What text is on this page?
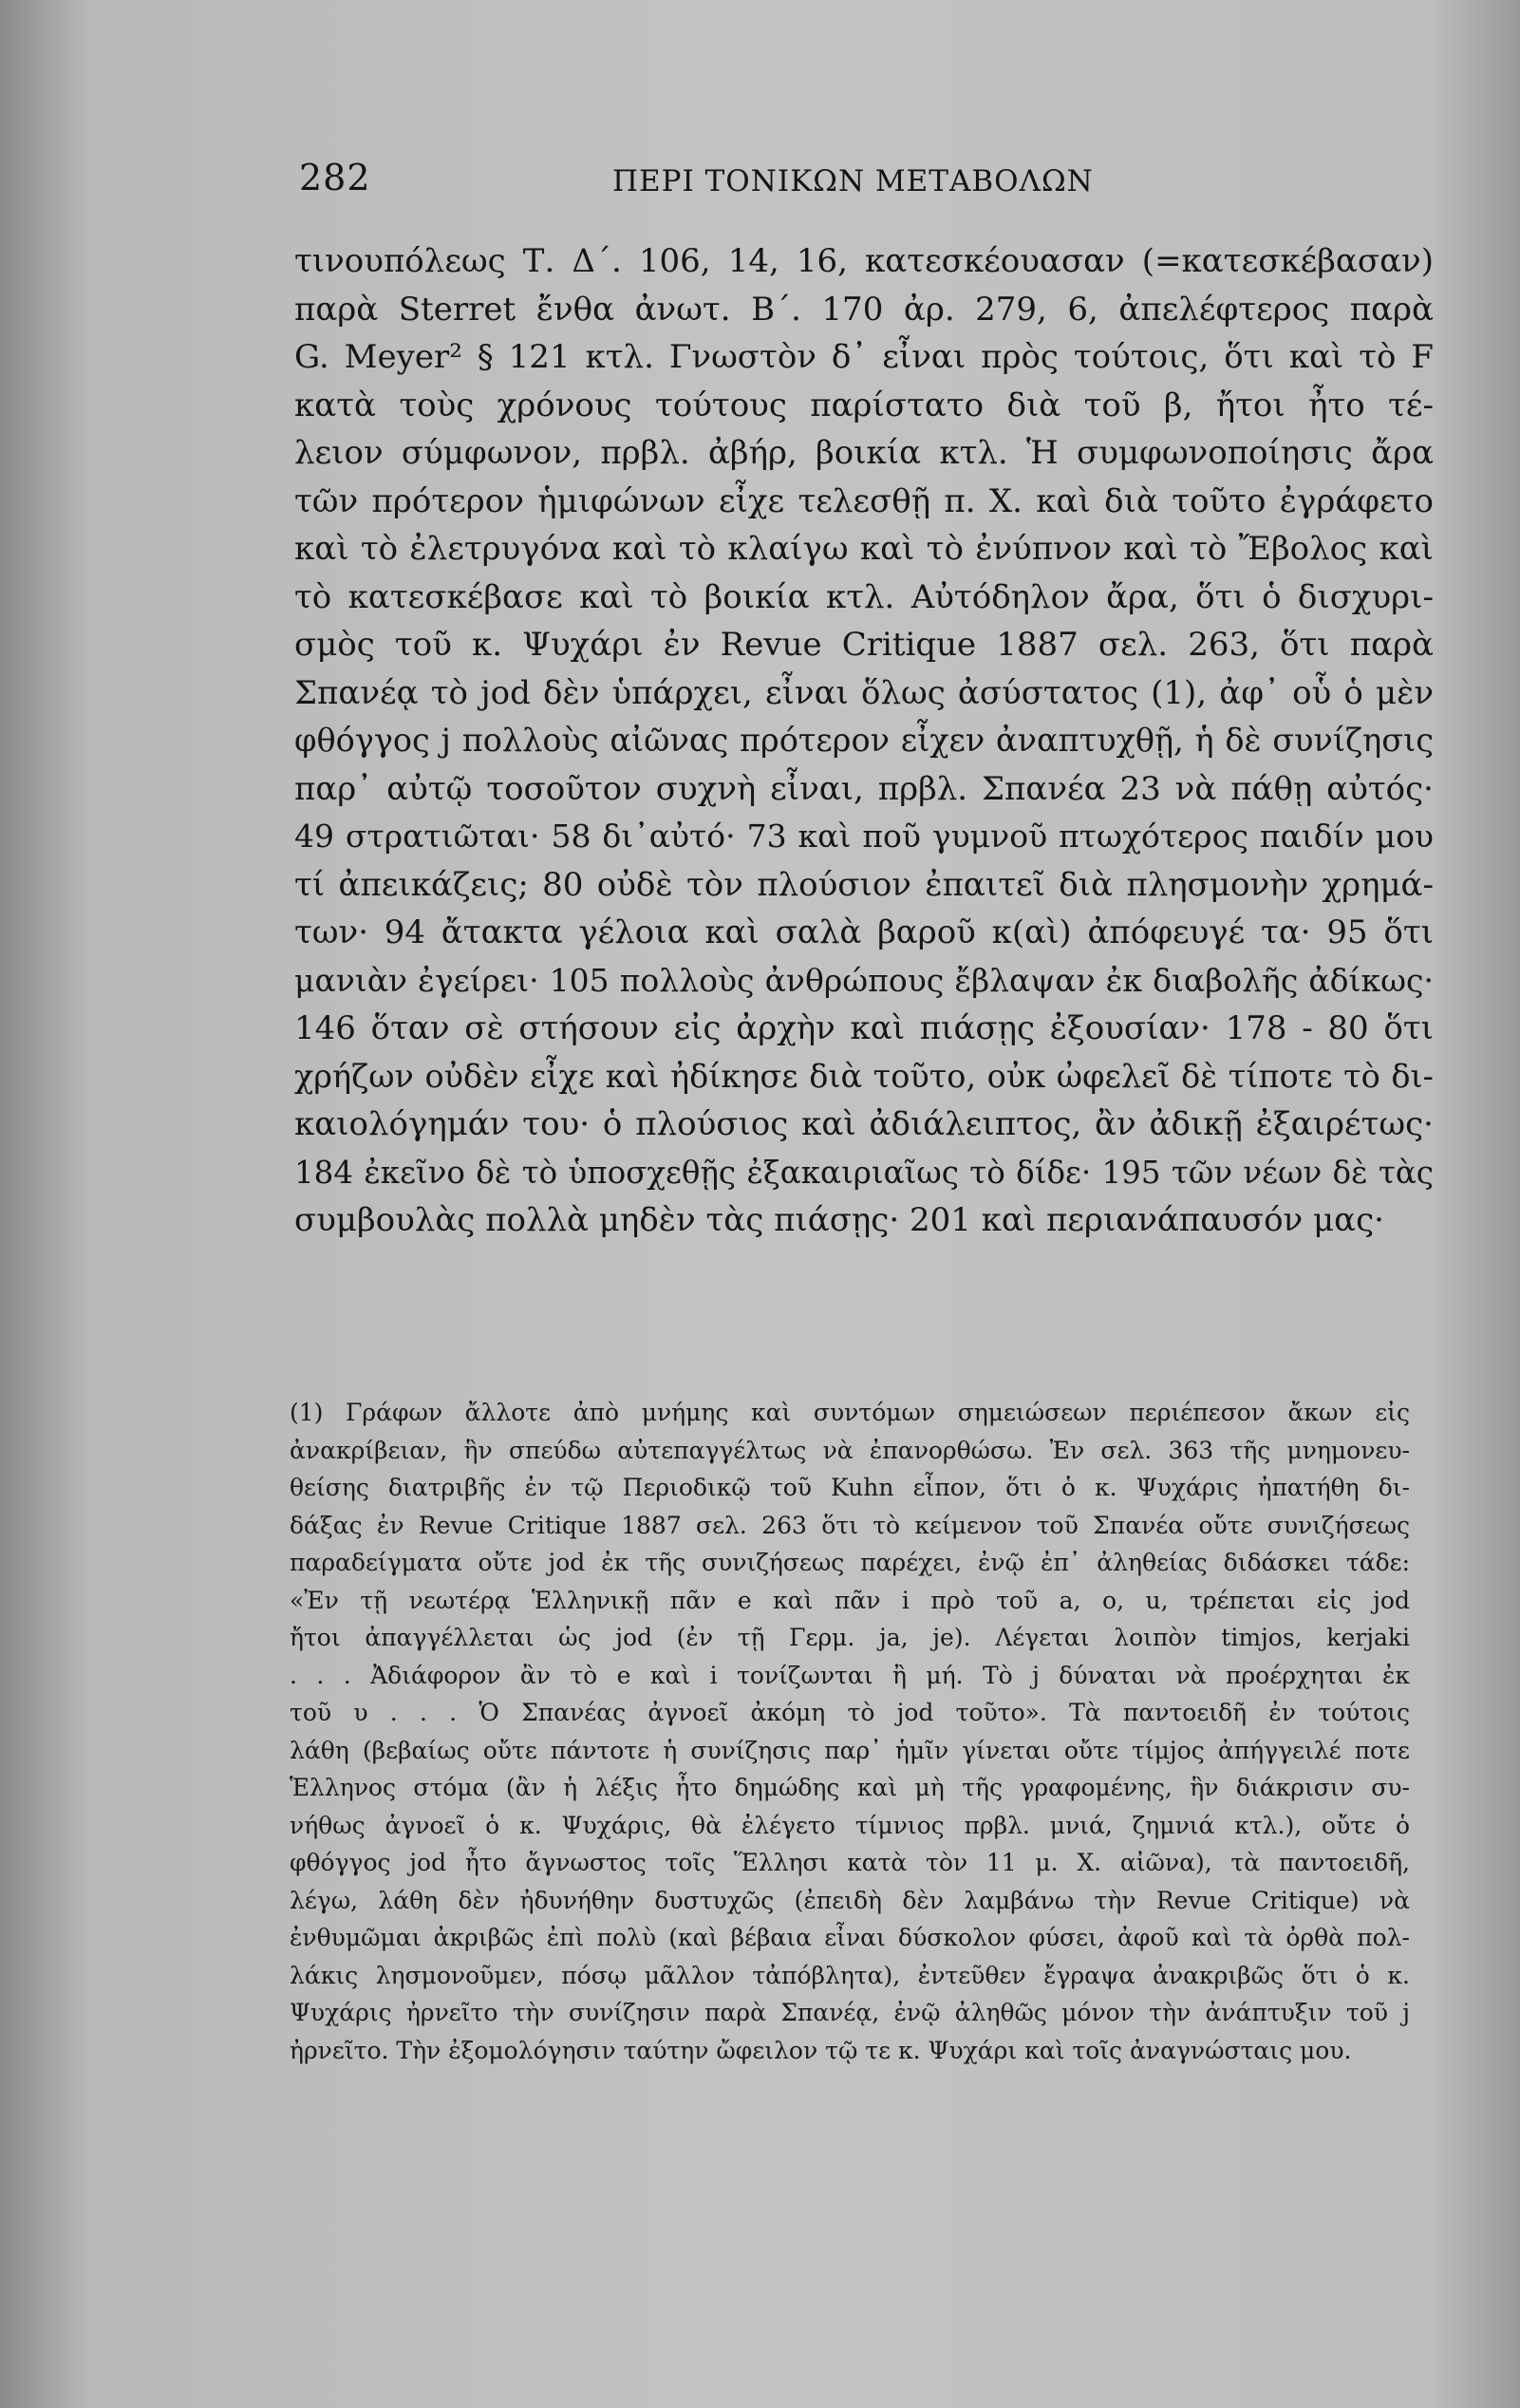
282	ΠΕΡΙ ΤΟΝΙΚΩΝ ΜΕΤΑΒΟΛΩΝ
τινουπόλεως Τ. Δ΄. 106, 14, 16, κατεσκέουασαν (=κατεσκέβασαν)
παρὰ Sterret ἔνθα ἀνωτ. Β΄. 170 ἀρ. 279, 6, ἀπελέφτερος παρὰ
G. Meyer² § 121 κτλ. Γνωστὸν δ᾽ εἶναι πρὸς τούτοις, ὅτι καὶ τὸ F
κατὰ τοὺς χρόνους τούτους παρίστατο διὰ τοῦ β, ἤτοι ἦτο τέ-
λειον σύμφωνον, πρβλ. ἀβήρ, βοικία κτλ. Ἡ συμφωνοποίησις ἄρα
τῶν πρότερον ἡμιφώνων εἶχε τελεσθῇ π. Χ. καὶ διὰ τοῦτο ἐγράφετο
καὶ τὸ ἐλετρυγόνα καὶ τὸ κλαίγω καὶ τὸ ἐνύπνον καὶ τὸ Ἔβολος καὶ
τὸ κατεσκέβασε καὶ τὸ βοικία κτλ. Αὐτόδηλον ἄρα, ὅτι ὁ δισχυρι-
σμὸς τοῦ κ. Ψυχάρι ἐν Revue Critique 1887 σελ. 263, ὅτι παρὰ
Σπανέᾳ τὸ jod δὲν ὑπάρχει, εἶναι ὅλως ἀσύστατος (1), ἀφ᾽ οὗ ὁ μὲν
φθόγγος j πολλοὺς αἰῶνας πρότερον εἶχεν ἀναπτυχθῇ, ἡ δὲ συνίζησις
παρ᾽ αὐτῷ τοσοῦτον συχνὴ εἶναι, πρβλ. Σπανέα 23 νὰ πάθῃ αὐτός·
49 στρατιῶται· 58 δι᾽αὐτό· 73 καὶ ποῦ γυμνοῦ πτωχότερος παιδίν μου
τί ἀπεικάζεις; 80 οὐδὲ τὸν πλούσιον ἐπαιτεῖ διὰ πλησμονὴν χρημά-
των· 94 ἄτακτα γέλοια καὶ σαλὰ βαροῦ κ(αὶ) ἀπόφευγέ τα· 95 ὅτι
μανιὰν ἐγείρει· 105 πολλοὺς ἀνθρώπους ἔβλαψαν ἐκ διαβολῆς ἀδίκως·
146 ὅταν σὲ στήσουν εἰς ἀρχὴν καὶ πιάσῃς ἐξουσίαν· 178 - 80 ὅτι
χρήζων οὐδὲν εἶχε καὶ ἠδίκησε διὰ τοῦτο, οὐκ ὠφελεῖ δὲ τίποτε τὸ δι-
καιολόγημάν του· ὁ πλούσιος καὶ ἀδιάλειπτος, ἂν ἀδικῇ ἐξαιρέτως·
184 ἐκεῖνο δὲ τὸ ὑποσχεθῇς ἐξακαιριαῖως τὸ δίδε· 195 τῶν νέων δὲ τὰς
συμβουλὰς πολλὰ μηδὲν τὰς πιάσῃς· 201 καὶ περιανάπαυσόν μας·
(1) Γράφων ἄλλοτε ἀπὸ μνήμης καὶ συντόμων σημειώσεων περιέπεσον ἄκων εἰς
ἀνακρίβειαν, ἣν σπεύδω αὐτεπαγγέλτως νὰ ἐπανορθώσω. Ἐν σελ. 363 τῆς μνημονευ-
θείσης διατριβῆς ἐν τῷ Περιοδικῷ τοῦ Kuhn εἶπον, ὅτι ὁ κ. Ψυχάρις ἠπατήθη δι-
δάξας ἐν Revue Critique 1887 σελ. 263 ὅτι τὸ κείμενον τοῦ Σπανέα οὔτε συνιζήσεως
παραδείγματα οὔτε jod ἐκ τῆς συνιζήσεως παρέχει, ἐνῷ ἐπ᾽ ἀληθείας διδάσκει τάδε:
«Ἐν τῇ νεωτέρᾳ Ἑλληνικῇ πᾶν e καὶ πᾶν i πρὸ τοῦ a, o, u, τρέπεται εἰς jod
ἤτοι ἀπαγγέλλεται ὡς jod (ἐν τῇ Γερμ. ja, je). Λέγεται λοιπὸν timjos, kerjaki
. . . Ἀδιάφορον ἂν τὸ e καὶ i τονίζωνται ἢ μή. Τὸ j δύναται νὰ προέρχηται ἐκ
τοῦ υ . . . Ὁ Σπανέας ἀγνοεῖ ἀκόμη τὸ jod τοῦτο». Τὰ παντοειδῆ ἐν τούτοις
λάθη (βεβαίως οὔτε πάντοτε ἡ συνίζησις παρ᾽ ἡμῖν γίνεται οὔτε τίμjος ἀπήγγειλέ ποτε
Ἑλληνος στόμα (ἂν ἡ λέξις ἦτο δημώδης καὶ μὴ τῆς γραφομένης, ἣν διάκρισιν συ-
νήθως ἀγνοεῖ ὁ κ. Ψυχάρις, θὰ ἐλέγετο τίμνιος πρβλ. μνιά, ζημνιά κτλ.), οὔτε ὁ
φθόγγος jod ἦτο ἄγνωστος τοῖς Ἕλλησι κατὰ τὸν 11 μ. Χ. αἰῶνα), τὰ παντοειδῆ,
λέγω, λάθη δὲν ἠδυνήθην δυστυχῶς (ἐπειδὴ δὲν λαμβάνω τὴν Revue Critique) νὰ
ἐνθυμῶμαι ἀκριβῶς ἐπὶ πολὺ (καὶ βέβαια εἶναι δύσκολον φύσει, ἀφοῦ καὶ τὰ ὀρθὰ πολ-
λάκις λησμονοῦμεν, πόσῳ μᾶλλον τἀπόβλητα), ἐντεῦθεν ἔγραψα ἀνακριβῶς ὅτι ὁ κ.
Ψυχάρις ἠρνεῖτο τὴν συνίζησιν παρὰ Σπανέᾳ, ἐνῷ ἀληθῶς μόνον τὴν ἀνάπτυξιν τοῦ j
ἠρνεῖτο. Τὴν ἐξομολόγησιν ταύτην ὤφειλον τῷ τε κ. Ψυχάρι καὶ τοῖς ἀναγνώσταις μου.
